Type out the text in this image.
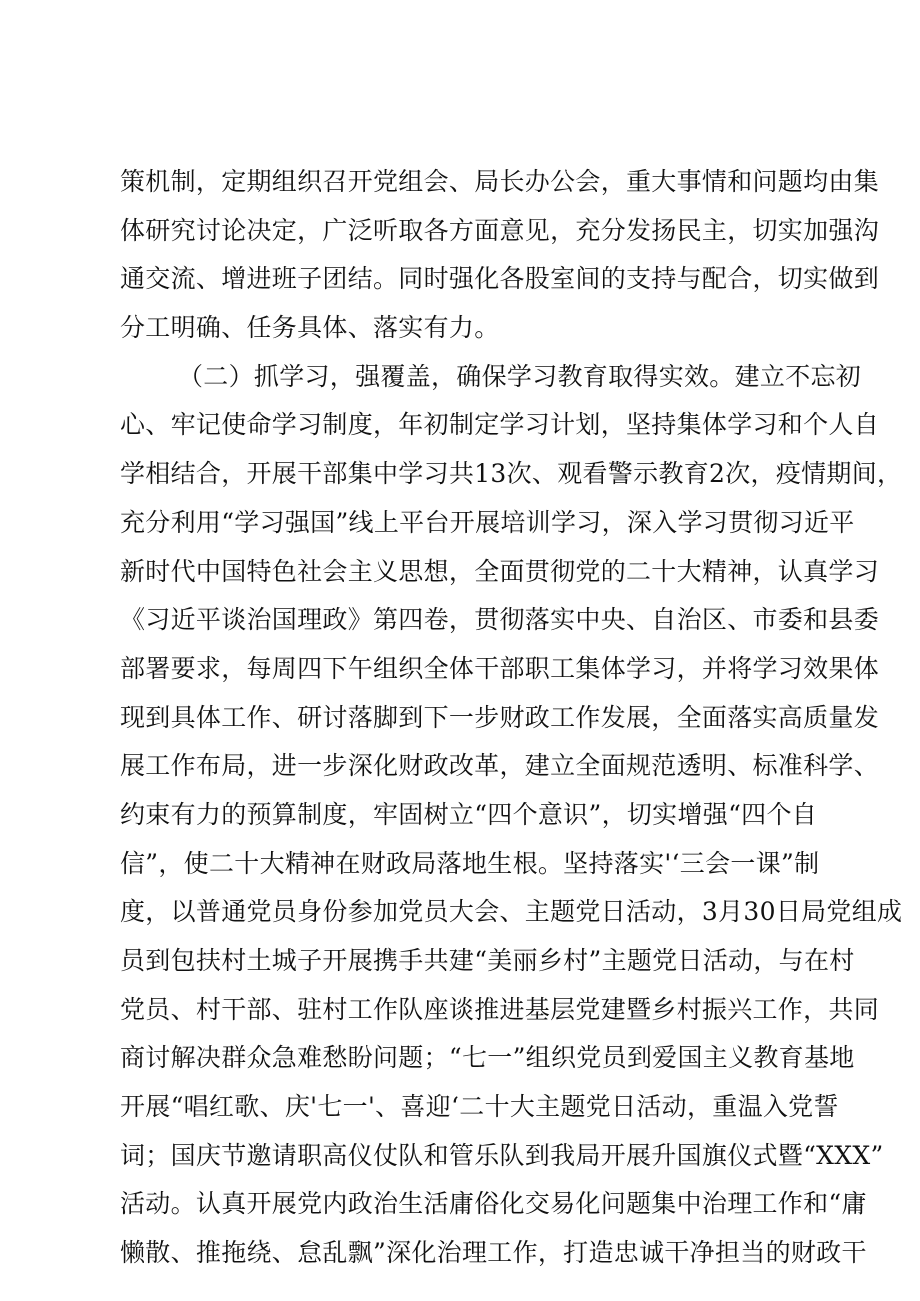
策机制，定期组织召开党组会、局长办公会，重大事情和问题均由集
体研究讨论决定，广泛听取各方面意见，充分发扬民主，切实加强沟
通交流、增进班子团结。同时强化各股室间的支持与配合，切实做到
分工明确、任务具体、落实有力。
（二）抓学习，强覆盖，确保学习教育取得实效。建立不忘初
心、牢记使命学习制度，年初制定学习计划，坚持集体学习和个人自
学相结合，开展干部集中学习共13次、观看警示教育2次，疫情期间，
充分利用“学习强国”线上平台开展培训学习，深入学习贯彻习近平
新时代中国特色社会主义思想，全面贯彻党的二十大精神，认真学习
《习近平谈治国理政》第四卷，贯彻落实中央、自治区、市委和县委
部署要求，每周四下午组织全体干部职工集体学习，并将学习效果体
现到具体工作、研讨落脚到下一步财政工作发展，全面落实高质量发
展工作布局，进一步深化财政改革，建立全面规范透明、标准科学、
约束有力的预算制度，牢固树立“四个意识”，切实增强“四个自
信”，使二十大精神在财政局落地生根。坚持落实'‘三会一课”制
度，以普通党员身份参加党员大会、主题党日活动，3月30日局党组成
员到包扶村土城子开展携手共建“美丽乡村”主题党日活动，与在村
党员、村干部、驻村工作队座谈推进基层党建暨乡村振兴工作，共同
商讨解决群众急难愁盼问题；“七一”组织党员到爱国主义教育基地
开展“唱红歌、庆'七一'、喜迎‘二十大主题党日活动，重温入党誓
词；国庆节邀请职高仪仗队和管乐队到我局开展升国旗仪式暨“XXX”
活动。认真开展党内政治生活庸俗化交易化问题集中治理工作和“庸
懒散、推拖绕、怠乱飘”深化治理工作，打造忠诚干净担当的财政干
